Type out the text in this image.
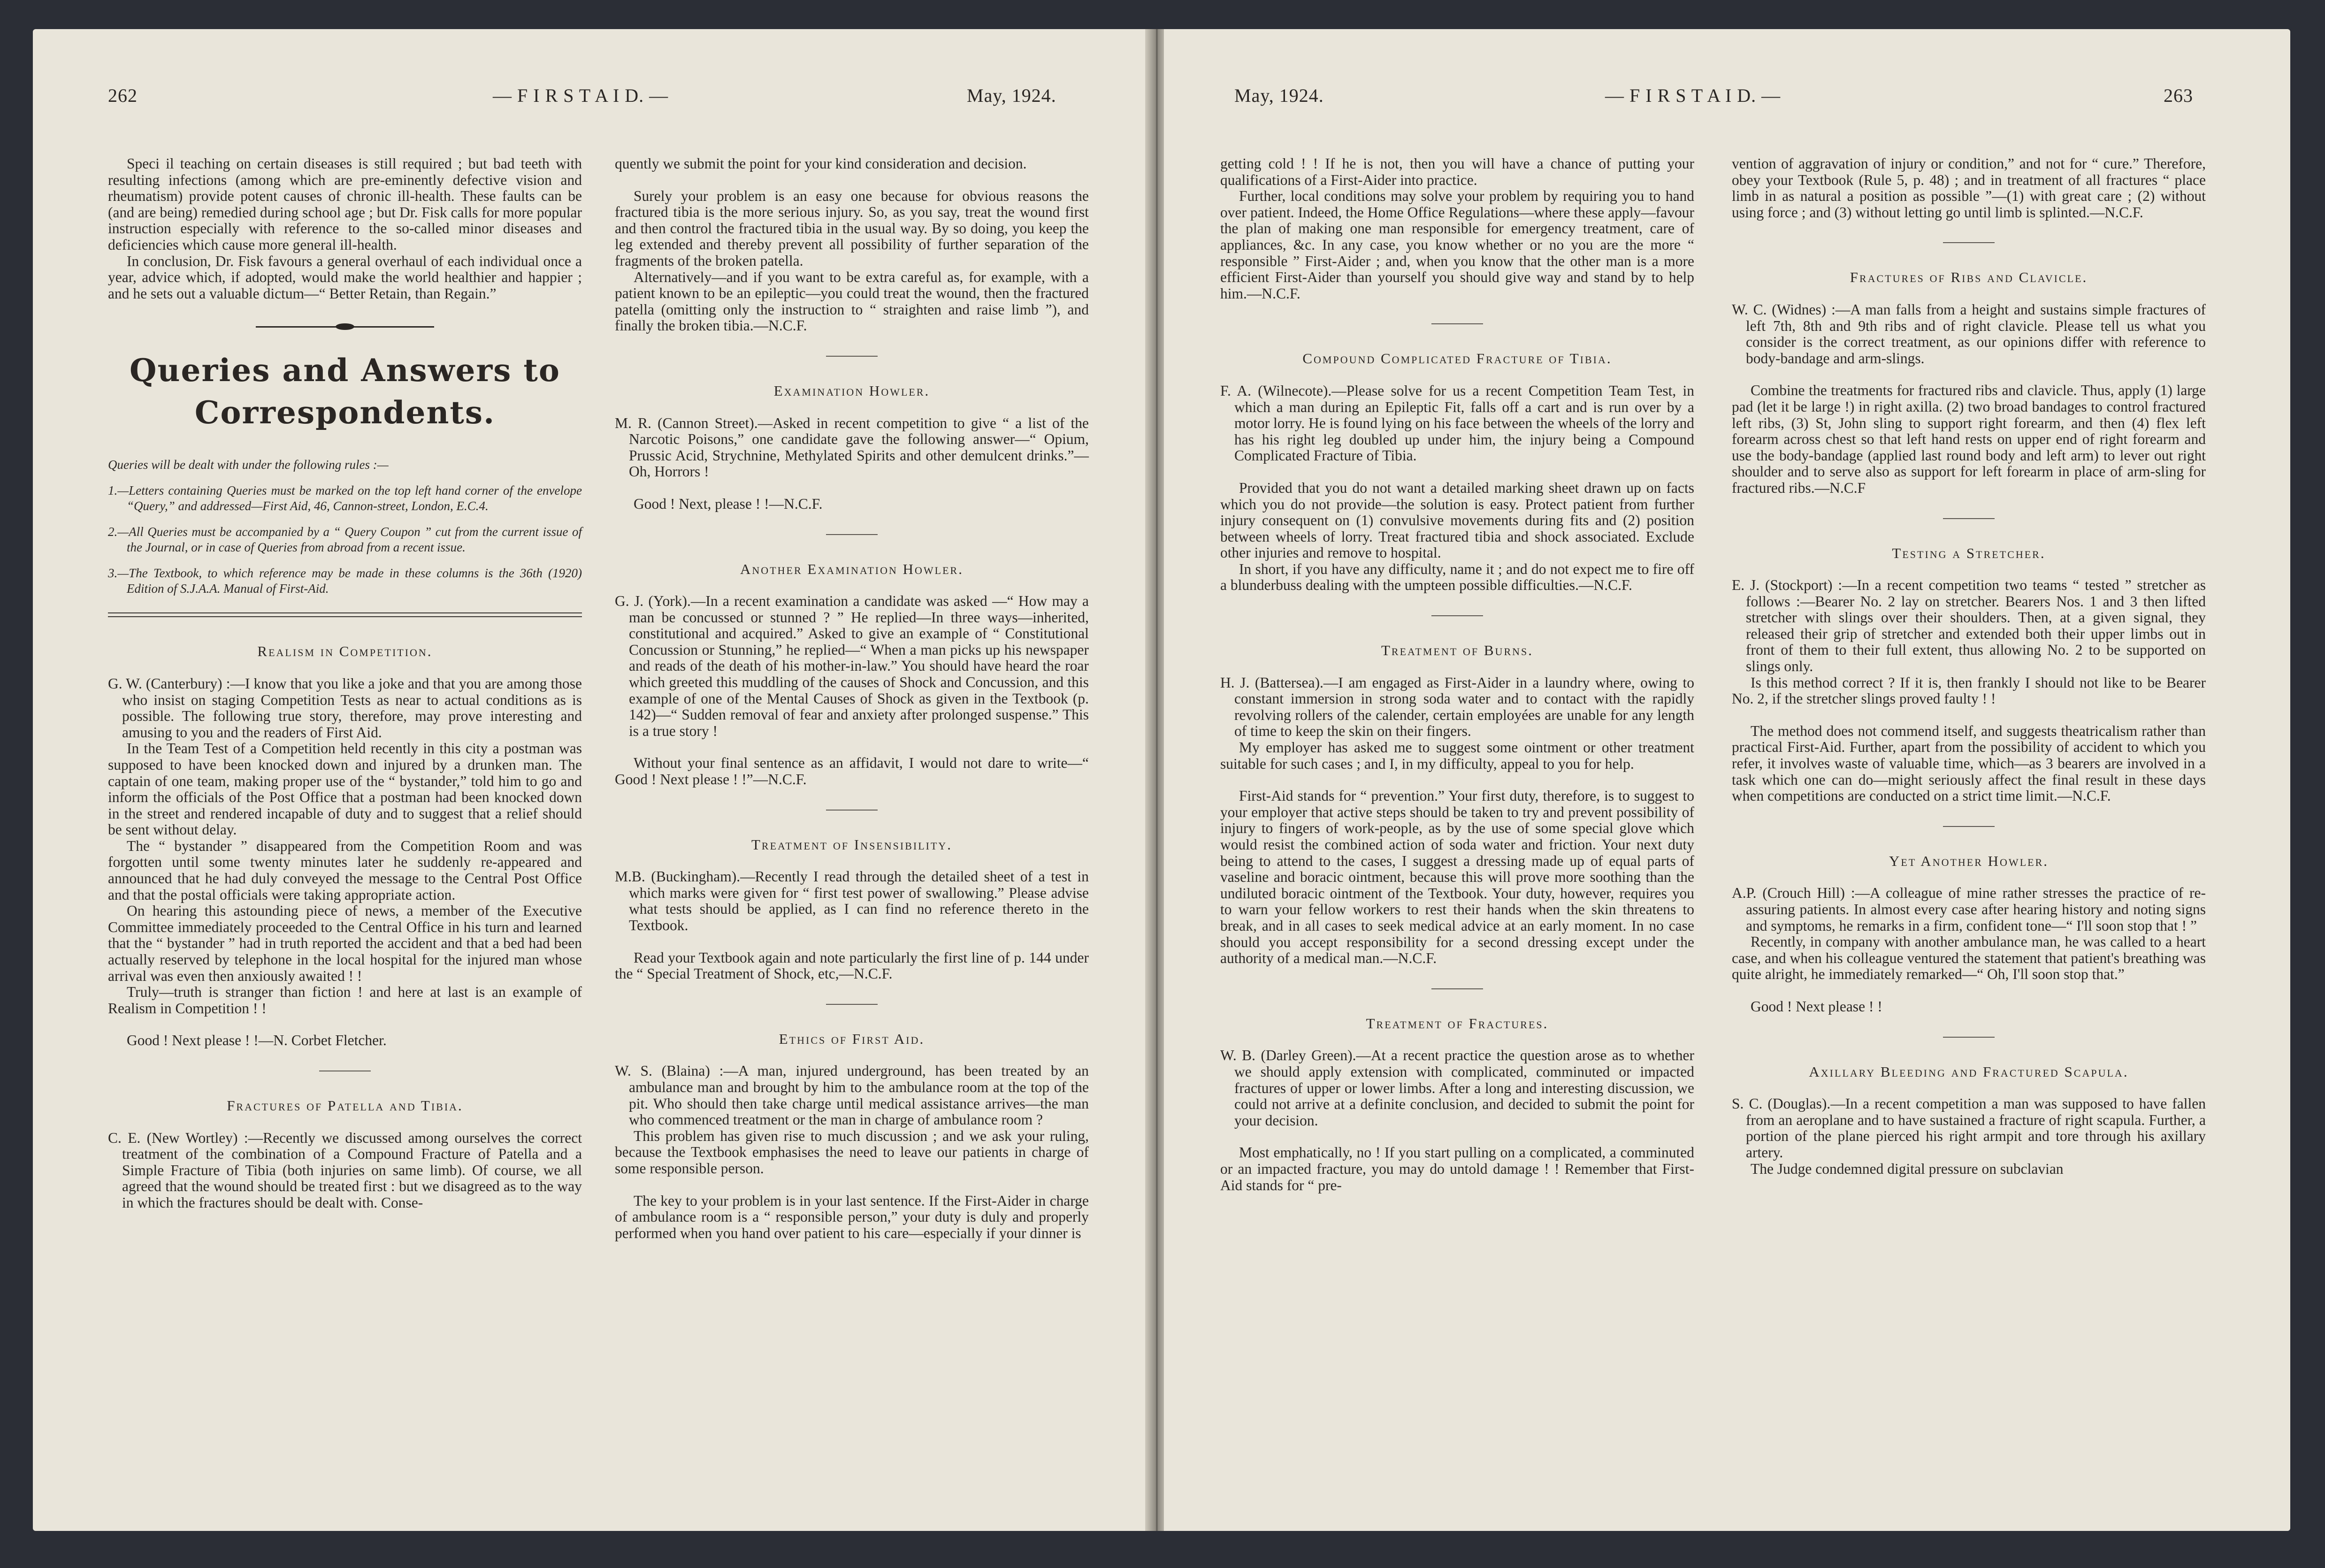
262	— F I R S T A I D. —	May, 1924.

Speci il teaching on certain diseases is still required ; but bad teeth with resulting infections (among which are pre-eminently defective vision and rheumatism) provide potent causes of chronic ill-health. These faults can be (and are being) remedied during school age ; but Dr. Fisk calls for more popular instruction especially with reference to the so-called minor diseases and deficiencies which cause more general ill-health.

In conclusion, Dr. Fisk favours a general overhaul of each individual once a year, advice which, if adopted, would make the world healthier and happier ; and he sets out a valuable dictum—“ Better Retain, than Regain.”

Queries and Answers to
Correspondents.

Queries will be dealt with under the following rules :—

1.—Letters containing Queries must be marked on the top left hand corner of the envelope “Query,” and addressed—First Aid, 46, Cannon-street, London, E.C.4.

2.—All Queries must be accompanied by a “ Query Coupon ” cut from the current issue of the Journal, or in case of Queries from abroad from a recent issue.

3.—The Textbook, to which reference may be made in these columns is the 36th (1920) Edition of S.J.A.A. Manual of First-Aid.

Realism in Competition.

G. W. (Canterbury) :—I know that you like a joke and that you are among those who insist on staging Competition Tests as near to actual conditions as is possible. The following true story, therefore, may prove interesting and amusing to you and the readers of First Aid.

In the Team Test of a Competition held recently in this city a postman was supposed to have been knocked down and injured by a drunken man. The captain of one team, making proper use of the “ bystander,” told him to go and inform the officials of the Post Office that a postman had been knocked down in the street and rendered incapable of duty and to suggest that a relief should be sent without delay.

The “ bystander ” disappeared from the Competition Room and was forgotten until some twenty minutes later he suddenly re-appeared and announced that he had duly conveyed the message to the Central Post Office and that the postal officials were taking appropriate action.

On hearing this astounding piece of news, a member of the Executive Committee immediately proceeded to the Central Office in his turn and learned that the “ bystander ” had in truth reported the accident and that a bed had been actually reserved by telephone in the local hospital for the injured man whose arrival was even then anxiously awaited ! !

Truly—truth is stranger than fiction ! and here at last is an example of Realism in Competition ! !

Good ! Next please ! !—N. Corbet Fletcher.

Fractures of Patella and Tibia.

C. E. (New Wortley) :—Recently we discussed among ourselves the correct treatment of the combination of a Compound Fracture of Patella and a Simple Fracture of Tibia (both injuries on same limb). Of course, we all agreed that the wound should be treated first : but we disagreed as to the way in which the fractures should be dealt with. Conse-

quently we submit the point for your kind consideration and decision.

Surely your problem is an easy one because for obvious reasons the fractured tibia is the more serious injury. So, as you say, treat the wound first and then control the fractured tibia in the usual way. By so doing, you keep the leg extended and thereby prevent all possibility of further separation of the fragments of the broken patella.

Alternatively—and if you want to be extra careful as, for example, with a patient known to be an epileptic—you could treat the wound, then the fractured patella (omitting only the instruction to “ straighten and raise limb ”), and finally the broken tibia.—N.C.F.

Examination Howler.

M. R. (Cannon Street).—Asked in recent competition to give “ a list of the Narcotic Poisons,” one candidate gave the following answer—“ Opium, Prussic Acid, Strychnine, Methylated Spirits and other demulcent drinks.”—Oh, Horrors !

Good ! Next, please ! !—N.C.F.

Another Examination Howler.

G. J. (York).—In a recent examination a candidate was asked —“ How may a man be concussed or stunned ? ” He replied—In three ways—inherited, constitutional and acquired.” Asked to give an example of “ Constitutional Concussion or Stunning,” he replied—“ When a man picks up his newspaper and reads of the death of his mother-in-law.” You should have heard the roar which greeted this muddling of the causes of Shock and Concussion, and this example of one of the Mental Causes of Shock as given in the Textbook (p. 142)—“ Sudden removal of fear and anxiety after prolonged suspense.” This is a true story !

Without your final sentence as an affidavit, I would not dare to write—“ Good ! Next please ! !”—N.C.F.

Treatment of Insensibility.

M.B. (Buckingham).—Recently I read through the detailed sheet of a test in which marks were given for “ first test power of swallowing.” Please advise what tests should be applied, as I can find no reference thereto in the Textbook.

Read your Textbook again and note particularly the first line of p. 144 under the “ Special Treatment of Shock, etc,—N.C.F.

Ethics of First Aid.

W. S. (Blaina) :—A man, injured underground, has been treated by an ambulance man and brought by him to the ambulance room at the top of the pit. Who should then take charge until medical assistance arrives—the man who commenced treatment or the man in charge of ambulance room ?

This problem has given rise to much discussion ; and we ask your ruling, because the Textbook emphasises the need to leave our patients in charge of some responsible person.

The key to your problem is in your last sentence. If the First-Aider in charge of ambulance room is a “ responsible person,” your duty is duly and properly performed when you hand over patient to his care—especially if your dinner is

May, 1924.	— F I R S T A I D. —	263

getting cold ! ! If he is not, then you will have a chance of putting your qualifications of a First-Aider into practice.

Further, local conditions may solve your problem by requiring you to hand over patient. Indeed, the Home Office Regulations—where these apply—favour the plan of making one man responsible for emergency treatment, care of appliances, &c. In any case, you know whether or no you are the more “ responsible ” First-Aider ; and, when you know that the other man is a more efficient First-Aider than yourself you should give way and stand by to help him.—N.C.F.

Compound Complicated Fracture of Tibia.

F. A. (Wilnecote).—Please solve for us a recent Competition Team Test, in which a man during an Epileptic Fit, falls off a cart and is run over by a motor lorry. He is found lying on his face between the wheels of the lorry and has his right leg doubled up under him, the injury being a Compound Complicated Fracture of Tibia.

Provided that you do not want a detailed marking sheet drawn up on facts which you do not provide—the solution is easy. Protect patient from further injury consequent on (1) convulsive movements during fits and (2) position between wheels of lorry. Treat fractured tibia and shock associated. Exclude other injuries and remove to hospital.

In short, if you have any difficulty, name it ; and do not expect me to fire off a blunderbuss dealing with the umpteen possible difficulties.—N.C.F.

Treatment of Burns.

H. J. (Battersea).—I am engaged as First-Aider in a laundry where, owing to constant immersion in strong soda water and to contact with the rapidly revolving rollers of the calender, certain employées are unable for any length of time to keep the skin on their fingers.

My employer has asked me to suggest some ointment or other treatment suitable for such cases ; and I, in my difficulty, appeal to you for help.

First-Aid stands for “ prevention.” Your first duty, therefore, is to suggest to your employer that active steps should be taken to try and prevent possibility of injury to fingers of work-people, as by the use of some special glove which would resist the combined action of soda water and friction. Your next duty being to attend to the cases, I suggest a dressing made up of equal parts of vaseline and boracic ointment, because this will prove more soothing than the undiluted boracic ointment of the Textbook. Your duty, however, requires you to warn your fellow workers to rest their hands when the skin threatens to break, and in all cases to seek medical advice at an early moment. In no case should you accept responsibility for a second dressing except under the authority of a medical man.—N.C.F.

Treatment of Fractures.

W. B. (Darley Green).—At a recent practice the question arose as to whether we should apply extension with complicated, comminuted or impacted fractures of upper or lower limbs. After a long and interesting discussion, we could not arrive at a definite conclusion, and decided to submit the point for your decision.

Most emphatically, no ! If you start pulling on a complicated, a comminuted or an impacted fracture, you may do untold damage ! ! Remember that First-Aid stands for “ pre-

vention of aggravation of injury or condition,” and not for “ cure.” Therefore, obey your Textbook (Rule 5, p. 48) ; and in treatment of all fractures “ place limb in as natural a position as possible ”—(1) with great care ; (2) without using force ; and (3) without letting go until limb is splinted.—N.C.F.

Fractures of Ribs and Clavicle.

W. C. (Widnes) :—A man falls from a height and sustains simple fractures of left 7th, 8th and 9th ribs and of right clavicle. Please tell us what you consider is the correct treatment, as our opinions differ with reference to body-bandage and arm-slings.

Combine the treatments for fractured ribs and clavicle. Thus, apply (1) large pad (let it be large !) in right axilla. (2) two broad bandages to control fractured left ribs, (3) St, John sling to support right forearm, and then (4) flex left forearm across chest so that left hand rests on upper end of right forearm and use the body-bandage (applied last round body and left arm) to lever out right shoulder and to serve also as support for left forearm in place of arm-sling for fractured ribs.—N.C.F

Testing a Stretcher.

E. J. (Stockport) :—In a recent competition two teams “ tested ” stretcher as follows :—Bearer No. 2 lay on stretcher. Bearers Nos. 1 and 3 then lifted stretcher with slings over their shoulders. Then, at a given signal, they released their grip of stretcher and extended both their upper limbs out in front of them to their full extent, thus allowing No. 2 to be supported on slings only.

Is this method correct ? If it is, then frankly I should not like to be Bearer No. 2, if the stretcher slings proved faulty ! !

The method does not commend itself, and suggests theatricalism rather than practical First-Aid. Further, apart from the possibility of accident to which you refer, it involves waste of valuable time, which—as 3 bearers are involved in a task which one can do—might seriously affect the final result in these days when competitions are conducted on a strict time limit.—N.C.F.

Yet Another Howler.

A.P. (Crouch Hill) :—A colleague of mine rather stresses the practice of re-assuring patients. In almost every case after hearing history and noting signs and symptoms, he remarks in a firm, confident tone—“ I'll soon stop that ! ”

Recently, in company with another ambulance man, he was called to a heart case, and when his colleague ventured the statement that patient's breathing was quite alright, he immediately remarked—“ Oh, I'll soon stop that.”

Good ! Next please ! !

Axillary Bleeding and Fractured Scapula.

S. C. (Douglas).—In a recent competition a man was supposed to have fallen from an aeroplane and to have sustained a fracture of right scapula. Further, a portion of the plane pierced his right armpit and tore through his axillary artery.

The Judge condemned digital pressure on subclavian
